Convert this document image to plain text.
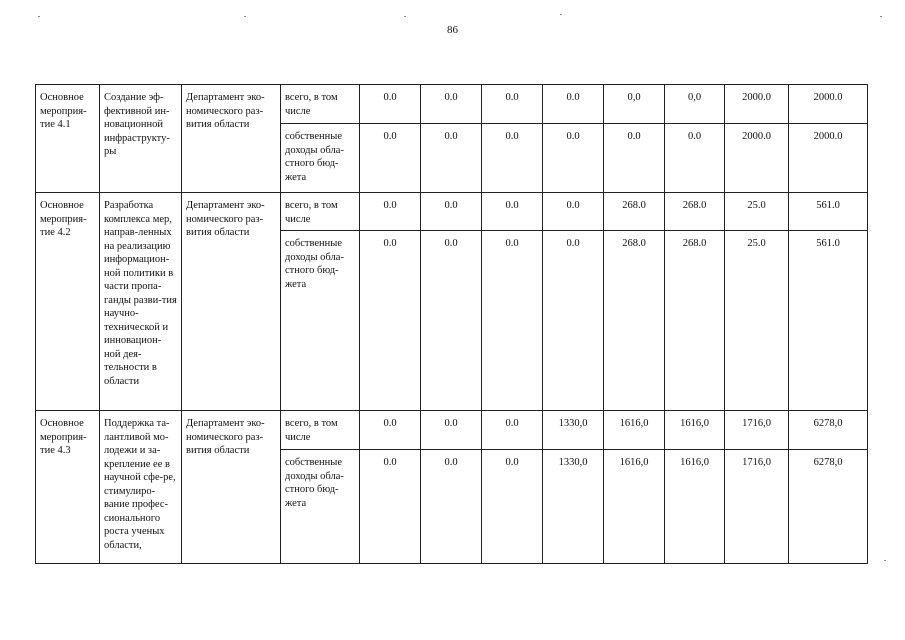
86
Основное мероприя-тие 4.1	Создание эф-фективной ин-новационной инфраструкту-ры	Департамент эко-номического раз-вития области	всего, в том числе	0.0	0.0	0.0	0.0	0,0	0,0	2000.0	2000.0
			собственные доходы обла-стного бюд-жета	0.0	0.0	0.0	0.0	0.0	0.0	2000.0	2000.0
Основное мероприя-тие 4.2	Разработка комплекса мер, направ-ленных на реализацию информацион-ной политики в части пропа-ганды разви-тия научно-технической и инновацион-ной дея-тельности в области	Департамент эко-номического раз-вития области	всего, в том числе	0.0	0.0	0.0	0.0	268.0	268.0	25.0	561.0
			собственные доходы обла-стного бюд-жета	0.0	0.0	0.0	0.0	268.0	268.0	25.0	561.0
Основное мероприя-тие 4.3	Поддержка та-лантливой мо-лодежи и за-крепление ее в научной сфе-ре, стимулиро-вание профес-сионального роста ученых области,	Департамент эко-номического раз-вития области	всего, в том числе	0.0	0.0	0.0	1330,0	1616,0	1616,0	1716,0	6278,0
			собственные доходы обла-стного бюд-жета	0.0	0.0	0.0	1330,0	1616,0	1616,0	1716,0	6278,0
